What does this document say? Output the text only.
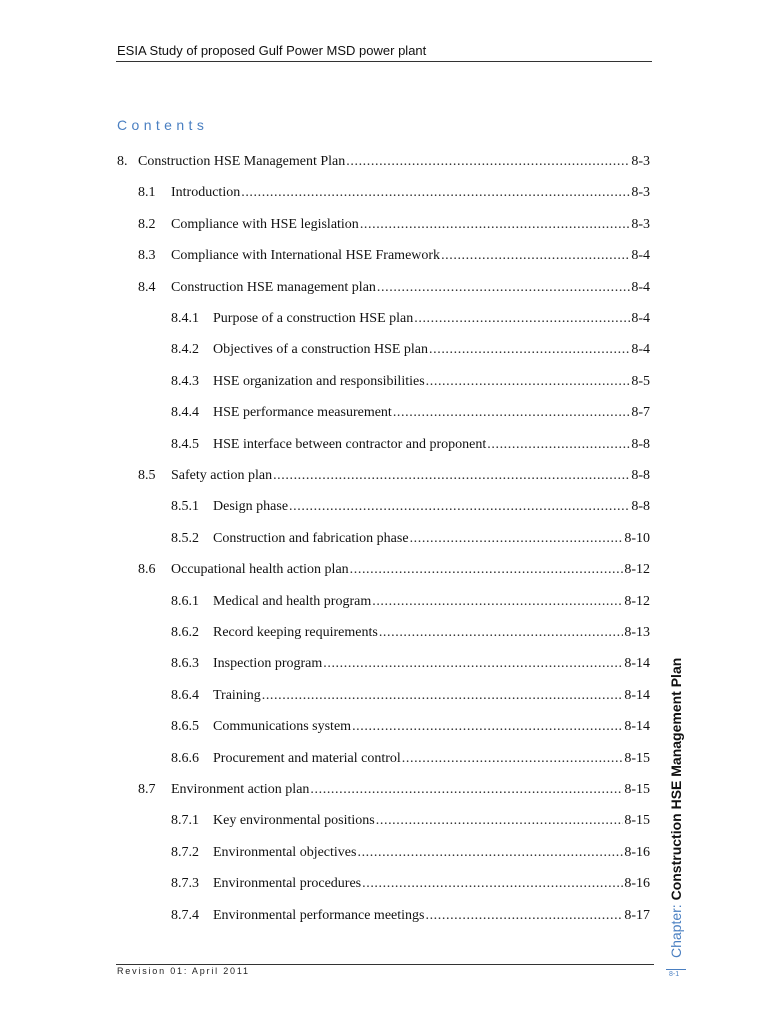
ESIA Study of proposed Gulf Power MSD power plant
Contents
8. Construction HSE Management Plan .....	8-3
8.1	Introduction .....	8-3
8.2	Compliance with HSE legislation .....	8-3
8.3	Compliance with International HSE Framework .....	8-4
8.4	Construction HSE management plan .....	8-4
8.4.1	Purpose of a construction HSE plan .....	8-4
8.4.2	Objectives of a construction HSE plan .....	8-4
8.4.3	HSE organization and responsibilities .....	8-5
8.4.4	HSE performance measurement .....	8-7
8.4.5	HSE interface between contractor and proponent .....	8-8
8.5	Safety action plan .....	8-8
8.5.1	Design phase .....	8-8
8.5.2	Construction and fabrication phase .....	8-10
8.6	Occupational health action plan .....	8-12
8.6.1	Medical and health program .....	8-12
8.6.2	Record keeping requirements .....	8-13
8.6.3	Inspection program .....	8-14
8.6.4	Training .....	8-14
8.6.5	Communications system .....	8-14
8.6.6	Procurement and material control .....	8-15
8.7	Environment action plan .....	8-15
8.7.1	Key environmental positions .....	8-15
8.7.2	Environmental objectives .....	8-16
8.7.3	Environmental procedures .....	8-16
8.7.4	Environmental performance meetings .....	8-17 Chapter: Construction HSE Management Plan
Revision 01: April 2011	8-1
